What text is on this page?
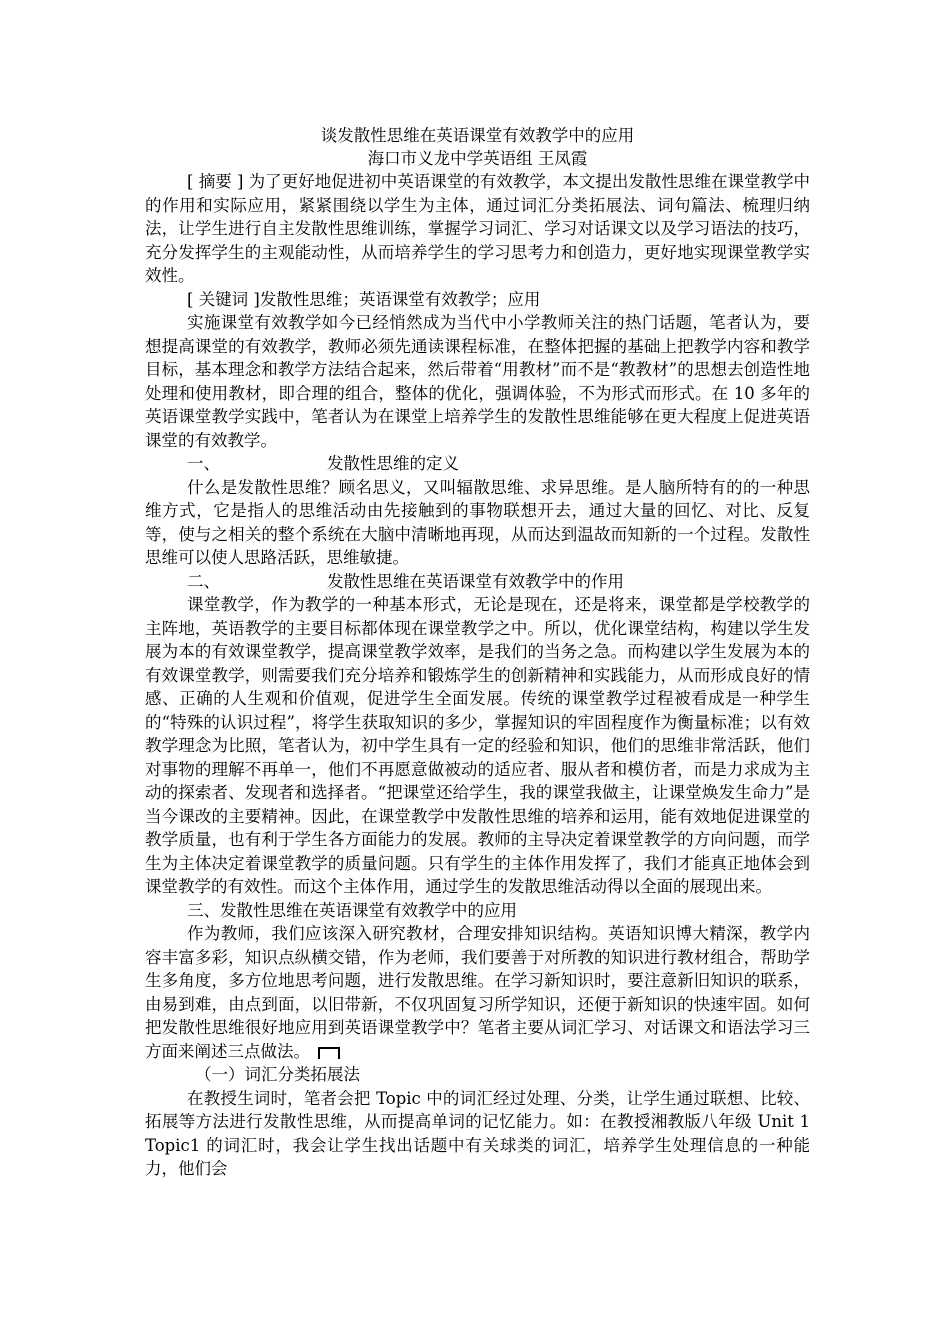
谈发散性思维在英语课堂有效教学中的应用
海口市义龙中学英语组 王凤霞

[ 摘要 ] 为了更好地促进初中英语课堂的有效教学，本文提出发散性思维在课堂教学中的作用和实际应用，紧紧围绕以学生为主体，通过词汇分类拓展法、词句篇法、梳理归纳法，让学生进行自主发散性思维训练，掌握学习词汇、学习对话课文以及学习语法的技巧，充分发挥学生的主观能动性，从而培养学生的学习思考力和创造力，更好地实现课堂教学实效性。

[ 关键词 ]发散性思维；英语课堂有效教学；应用

实施课堂有效教学如今已经悄然成为当代中小学教师关注的热门话题，笔者认为，要想提高课堂的有效教学，教师必须先通读课程标准，在整体把握的基础上把教学内容和教学目标，基本理念和教学方法结合起来，然后带着“用教材”而不是“教教材”的思想去创造性地处理和使用教材，即合理的组合，整体的优化，强调体验，不为形式而形式。在 10 多年的英语课堂教学实践中，笔者认为在课堂上培养学生的发散性思维能够在更大程度上促进英语课堂的有效教学。

一、	发散性思维的定义

什么是发散性思维？顾名思义，又叫辐散思维、求异思维。是人脑所特有的的一种思维方式，它是指人的思维活动由先接触到的事物联想开去，通过大量的回忆、对比、反复等，使与之相关的整个系统在大脑中清晰地再现，从而达到温故而知新的一个过程。发散性思维可以使人思路活跃，思维敏捷。

二、	发散性思维在英语课堂有效教学中的作用

课堂教学，作为教学的一种基本形式，无论是现在，还是将来，课堂都是学校教学的主阵地，英语教学的主要目标都体现在课堂教学之中。所以，优化课堂结构，构建以学生发展为本的有效课堂教学，提高课堂教学效率，是我们的当务之急。而构建以学生发展为本的有效课堂教学，则需要我们充分培养和锻炼学生的创新精神和实践能力，从而形成良好的情感、正确的人生观和价值观，促进学生全面发展。传统的课堂教学过程被看成是一种学生的“特殊的认识过程”，将学生获取知识的多少，掌握知识的牢固程度作为衡量标准；以有效教学理念为比照，笔者认为，初中学生具有一定的经验和知识，他们的思维非常活跃，他们对事物的理解不再单一，他们不再愿意做被动的适应者、服从者和模仿者，而是力求成为主动的探索者、发现者和选择者。“把课堂还给学生，我的课堂我做主，让课堂焕发生命力”是当今课改的主要精神。因此，在课堂教学中发散性思维的培养和运用，能有效地促进课堂的教学质量，也有利于学生各方面能力的发展。教师的主导决定着课堂教学的方向问题，而学生为主体决定着课堂教学的质量问题。只有学生的主体作用发挥了，我们才能真正地体会到课堂教学的有效性。而这个主体作用，通过学生的发散思维活动得以全面的展现出来。

三、发散性思维在英语课堂有效教学中的应用

作为教师，我们应该深入研究教材，合理安排知识结构。英语知识博大精深，教学内容丰富多彩，知识点纵横交错，作为老师，我们要善于对所教的知识进行教材组合，帮助学生多角度，多方位地思考问题，进行发散思维。在学习新知识时，要注意新旧知识的联系，由易到难，由点到面，以旧带新，不仅巩固复习所学知识，还便于新知识的快速牢固。如何把发散性思维很好地应用到英语课堂教学中？笔者主要从词汇学习、对话课文和语法学习三方面来阐述三点做法。

（一）词汇分类拓展法

在教授生词时，笔者会把 Topic 中的词汇经过处理、分类，让学生通过联想、比较、拓展等方法进行发散性思维，从而提高单词的记忆能力。如：在教授湘教版八年级 Unit 1 Topic1 的词汇时，我会让学生找出话题中有关球类的词汇，培养学生处理信息的一种能力，他们会
